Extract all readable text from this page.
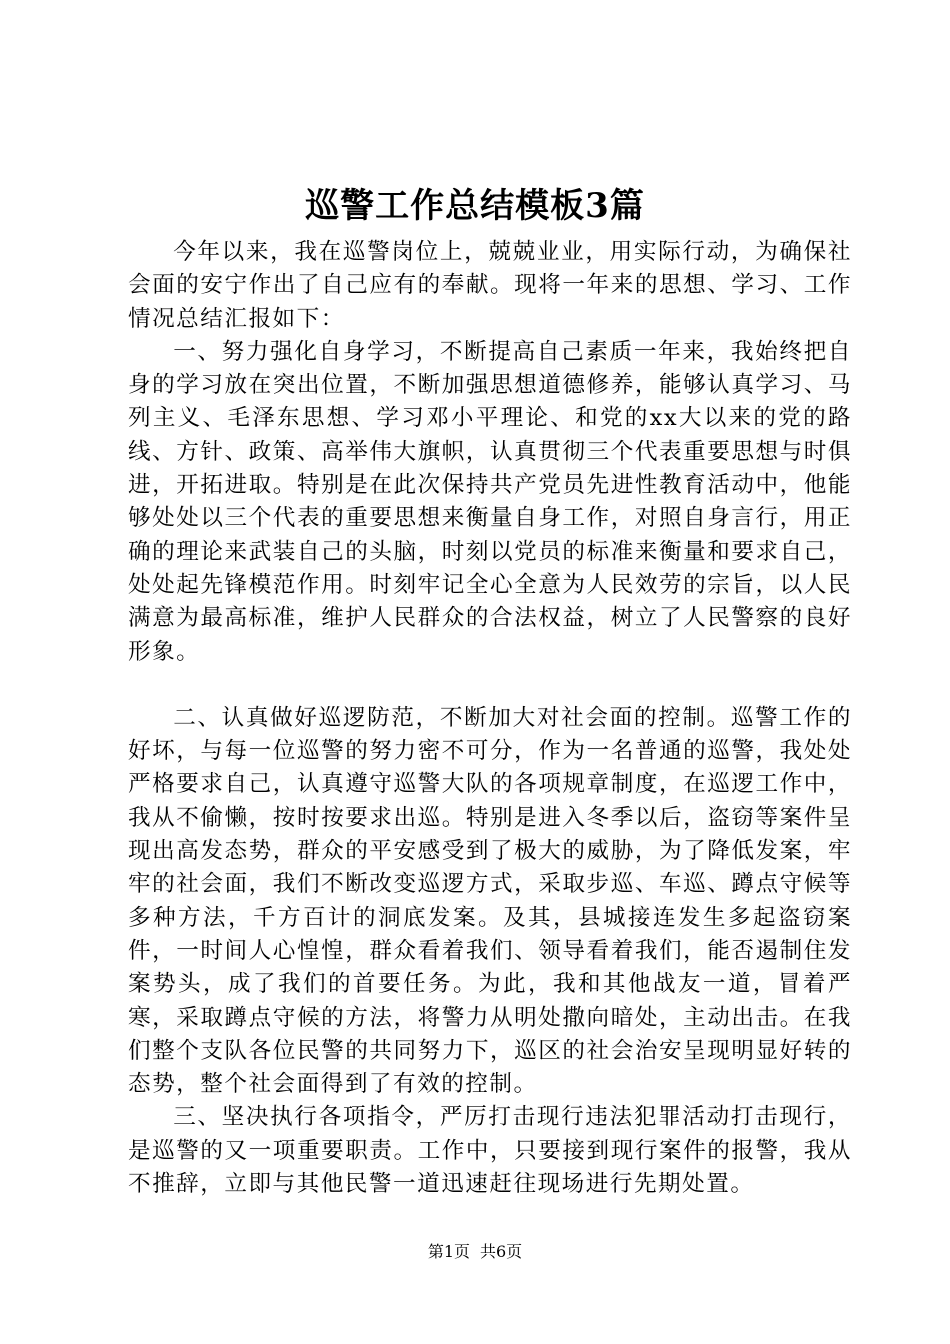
巡警工作总结模板3篇

今年以来，我在巡警岗位上，兢兢业业，用实际行动，为确保社会面的安宁作出了自己应有的奉献。现将一年来的思想、学习、工作情况总结汇报如下：

一、努力强化自身学习，不断提高自己素质一年来，我始终把自身的学习放在突出位置，不断加强思想道德修养，能够认真学习、马列主义、毛泽东思想、学习邓小平理论、和党的xx大以来的党的路线、方针、政策、高举伟大旗帜，认真贯彻三个代表重要思想与时俱进，开拓进取。特别是在此次保持共产党员先进性教育活动中，他能够处处以三个代表的重要思想来衡量自身工作，对照自身言行，用正确的理论来武装自己的头脑，时刻以党员的标准来衡量和要求自己，处处起先锋模范作用。时刻牢记全心全意为人民效劳的宗旨，以人民满意为最高标准，维护人民群众的合法权益，树立了人民警察的良好形象。

二、认真做好巡逻防范，不断加大对社会面的控制。巡警工作的好坏，与每一位巡警的努力密不可分，作为一名普通的巡警，我处处严格要求自己，认真遵守巡警大队的各项规章制度，在巡逻工作中，我从不偷懒，按时按要求出巡。特别是进入冬季以后，盗窃等案件呈现出高发态势，群众的平安感受到了极大的威胁，为了降低发案，牢牢的社会面，我们不断改变巡逻方式，采取步巡、车巡、蹲点守候等多种方法，千方百计的洞底发案。及其，县城接连发生多起盗窃案件，一时间人心惶惶，群众看着我们、领导看着我们，能否遏制住发案势头，成了我们的首要任务。为此，我和其他战友一道，冒着严寒，采取蹲点守候的方法，将警力从明处撒向暗处，主动出击。在我们整个支队各位民警的共同努力下，巡区的社会治安呈现明显好转的态势，整个社会面得到了有效的控制。

三、坚决执行各项指令，严厉打击现行违法犯罪活动打击现行，是巡警的又一项重要职责。工作中，只要接到现行案件的报警，我从不推辞，立即与其他民警一道迅速赶往现场进行先期处置。

第1页 共6页
